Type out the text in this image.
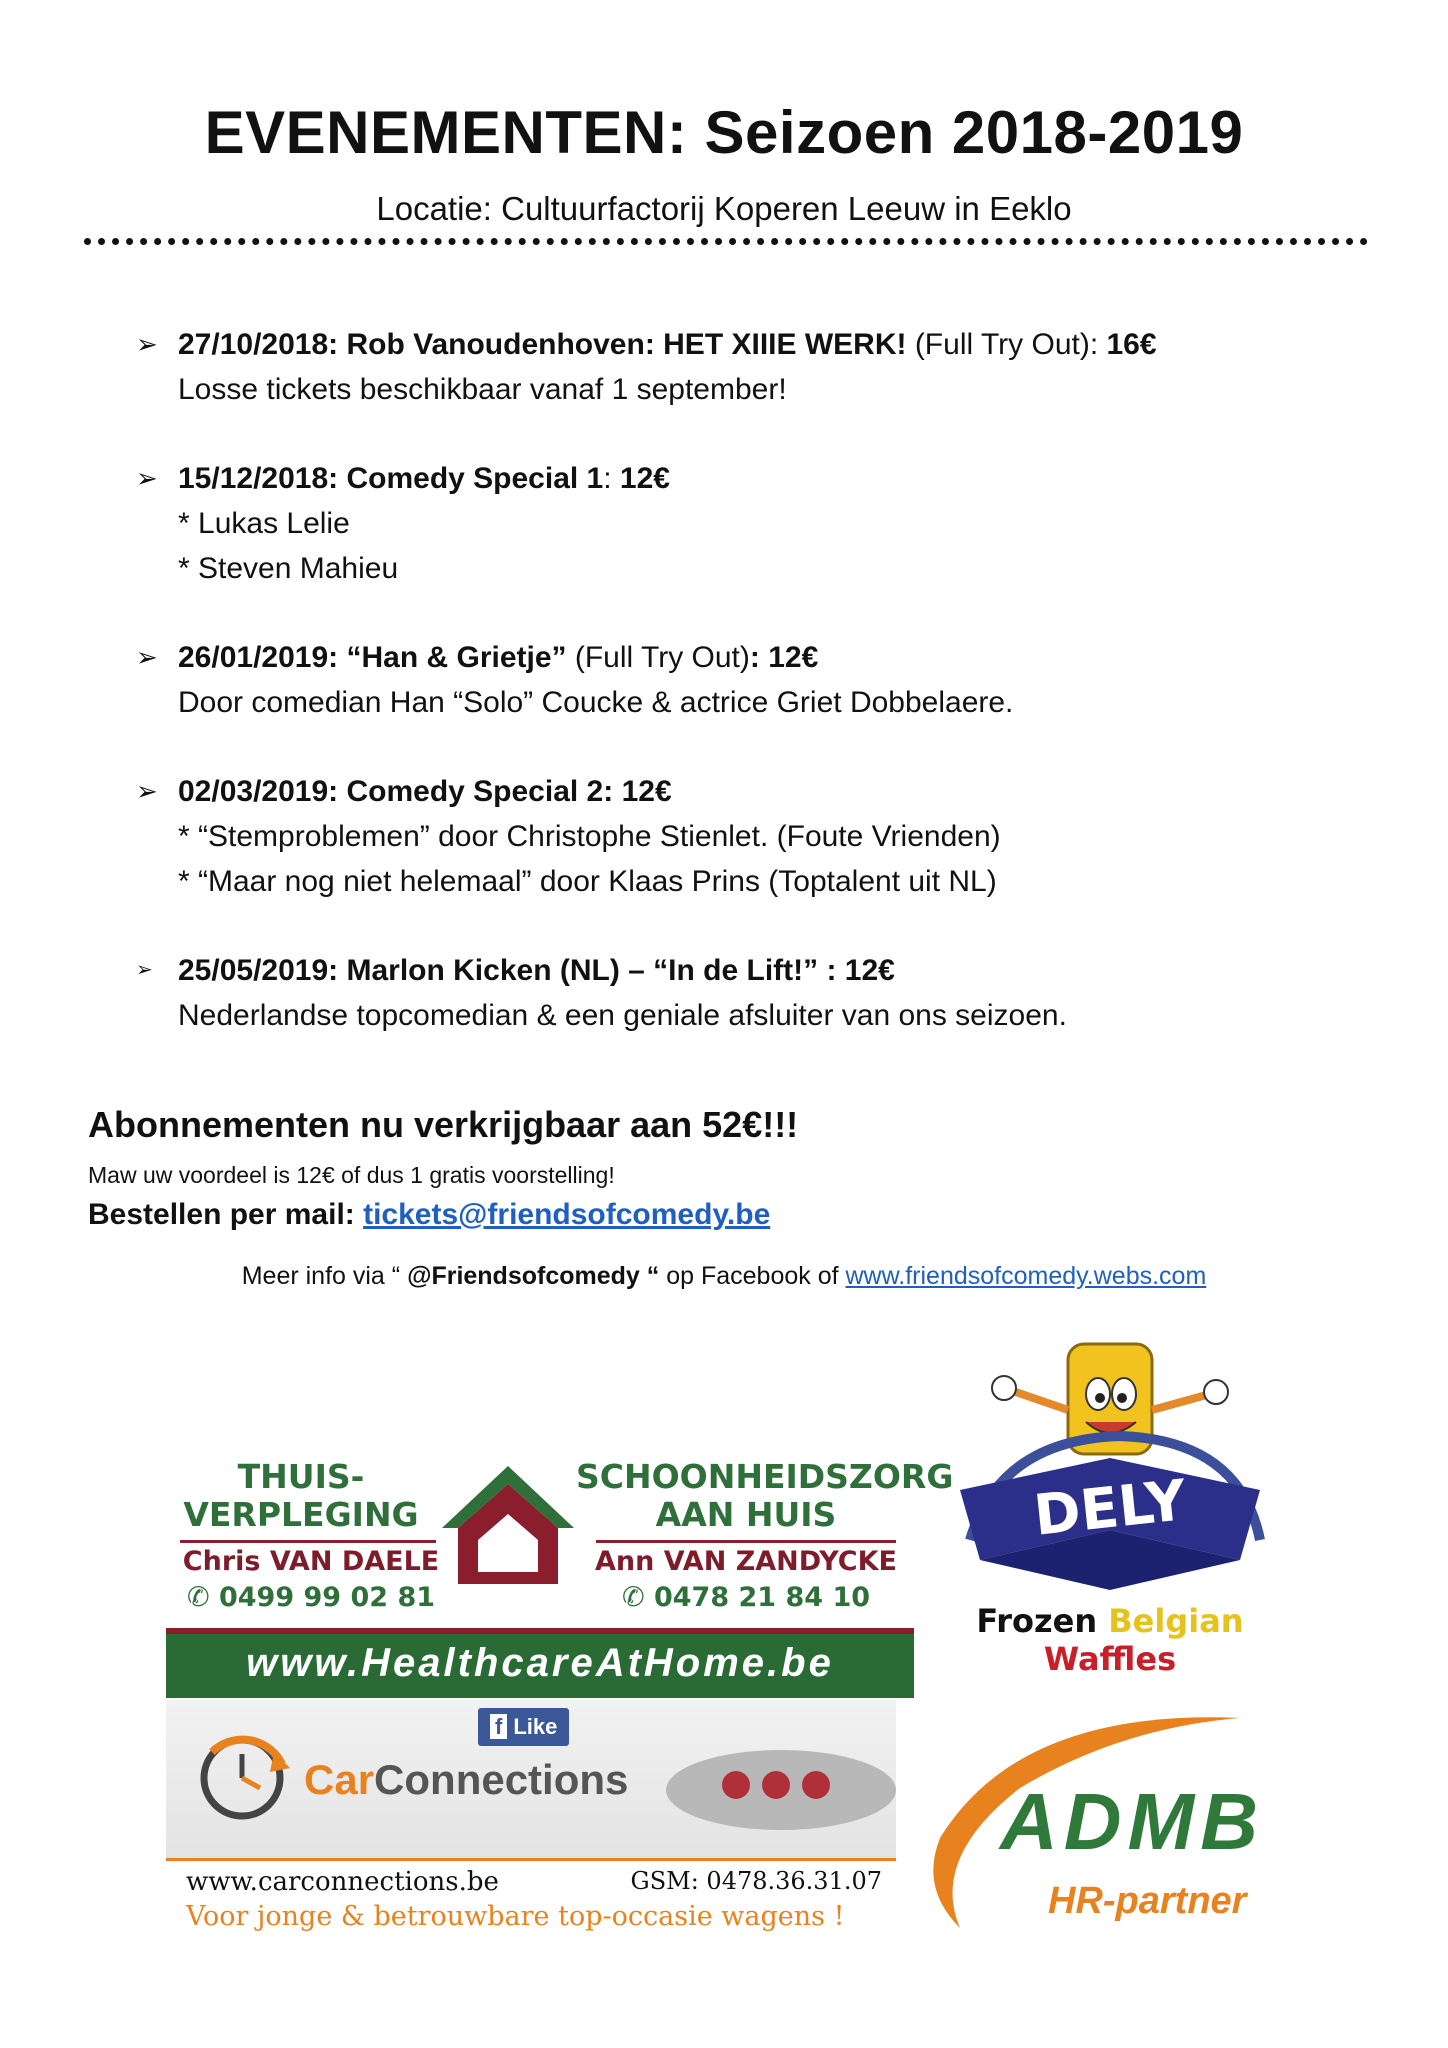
EVENEMENTEN: Seizoen 2018-2019
Locatie: Cultuurfactorij Koperen Leeuw in Eeklo
➢ 27/10/2018: Rob Vanoudenhoven: HET XIIIE WERK! (Full Try Out): 16€
Losse tickets beschikbaar vanaf 1 september!
➢ 15/12/2018: Comedy Special 1: 12€
* Lukas Lelie
* Steven Mahieu
➢ 26/01/2019: “Han & Grietje” (Full Try Out): 12€
Door comedian Han “Solo” Coucke & actrice Griet Dobbelaere.
➢ 02/03/2019: Comedy Special 2: 12€
* “Stemproblemen” door Christophe Stienlet. (Foute Vrienden)
* “Maar nog niet helemaal” door Klaas Prins (Toptalent uit NL)
➢ 25/05/2019: Marlon Kicken (NL) – “In de Lift!” : 12€
Nederlandse topcomedian & een geniale afsluiter van ons seizoen.
Abonnementen nu verkrijgbaar aan 52€!!!
Maw uw voordeel is 12€ of dus 1 gratis voorstelling!
Bestellen per mail: tickets@friendsofcomedy.be
Meer info via “ @Friendsofcomedy “ op Facebook of www.friendsofcomedy.webs.com
THUIS-
VERPLEGING
SCHOONHEIDSZORG
AAN HUIS
Chris VAN DAELE
✆ 0499 99 02 81
Ann VAN ZANDYCKE
✆ 0478 21 84 10
www.HealthcareAtHome.be
f Like
CarConnections
www.carconnections.be	GSM: 0478.36.31.07
Voor jonge & betrouwbare top-occasie wagens !
DELY
Frozen Belgian Waffles
ADMB
HR-partner
